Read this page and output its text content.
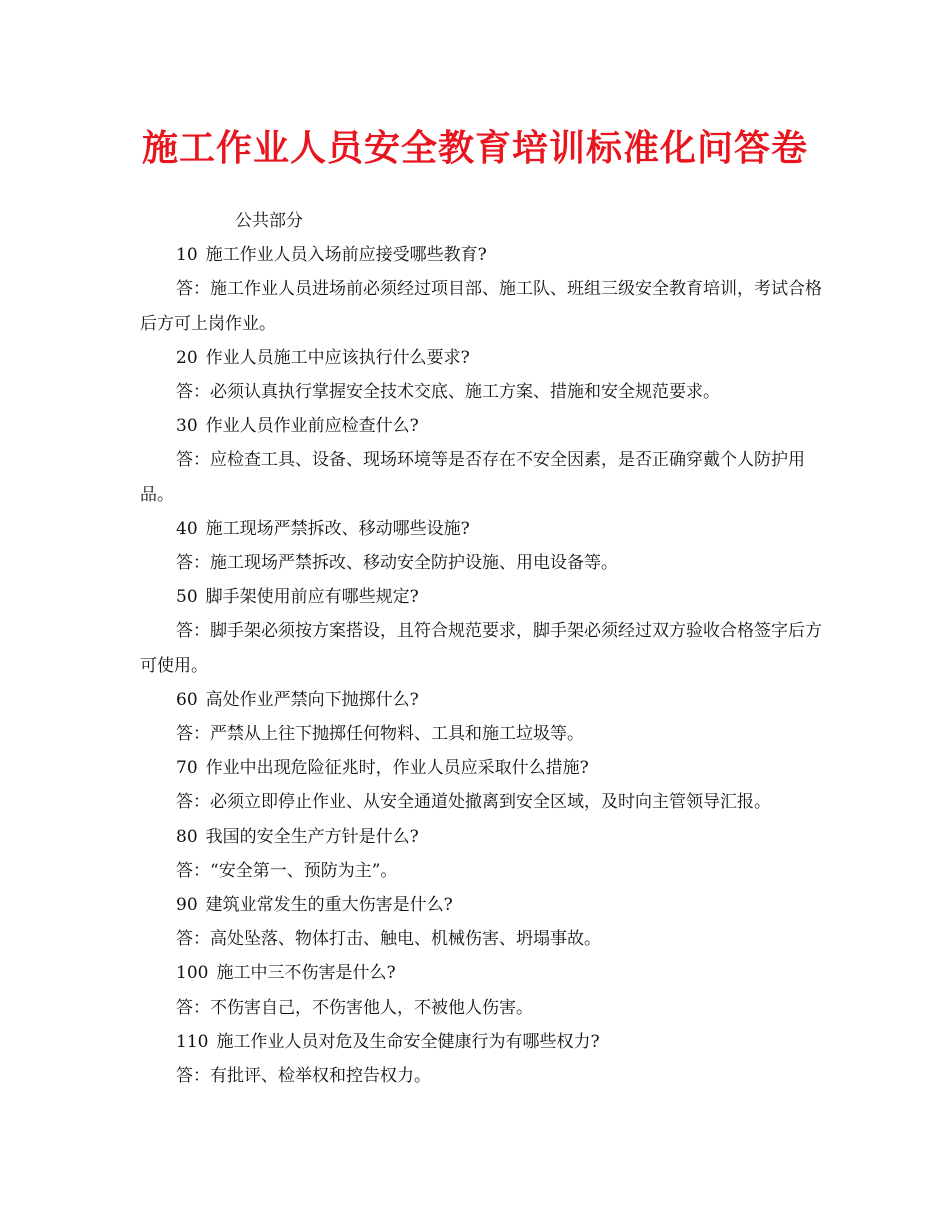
施工作业人员安全教育培训标准化问答卷

公共部分

10 施工作业人员入场前应接受哪些教育?

答：施工作业人员进场前必须经过项目部、施工队、班组三级安全教育培训，考试合格后方可上岗作业。

20 作业人员施工中应该执行什么要求?

答：必须认真执行掌握安全技术交底、施工方案、措施和安全规范要求。

30 作业人员作业前应检查什么?

答：应检查工具、设备、现场环境等是否存在不安全因素，是否正确穿戴个人防护用品。

40 施工现场严禁拆改、移动哪些设施?

答：施工现场严禁拆改、移动安全防护设施、用电设备等。

50 脚手架使用前应有哪些规定?

答：脚手架必须按方案搭设，且符合规范要求，脚手架必须经过双方验收合格签字后方可使用。

60 高处作业严禁向下抛掷什么?

答：严禁从上往下抛掷任何物料、工具和施工垃圾等。

70 作业中出现危险征兆时，作业人员应采取什么措施?

答：必须立即停止作业、从安全通道处撤离到安全区域，及时向主管领导汇报。

80 我国的安全生产方针是什么?

答：“安全第一、预防为主”。

90 建筑业常发生的重大伤害是什么?

答：高处坠落、物体打击、触电、机械伤害、坍塌事故。

100 施工中三不伤害是什么?

答：不伤害自己，不伤害他人，不被他人伤害。

110 施工作业人员对危及生命安全健康行为有哪些权力?

答：有批评、检举权和控告权力。
